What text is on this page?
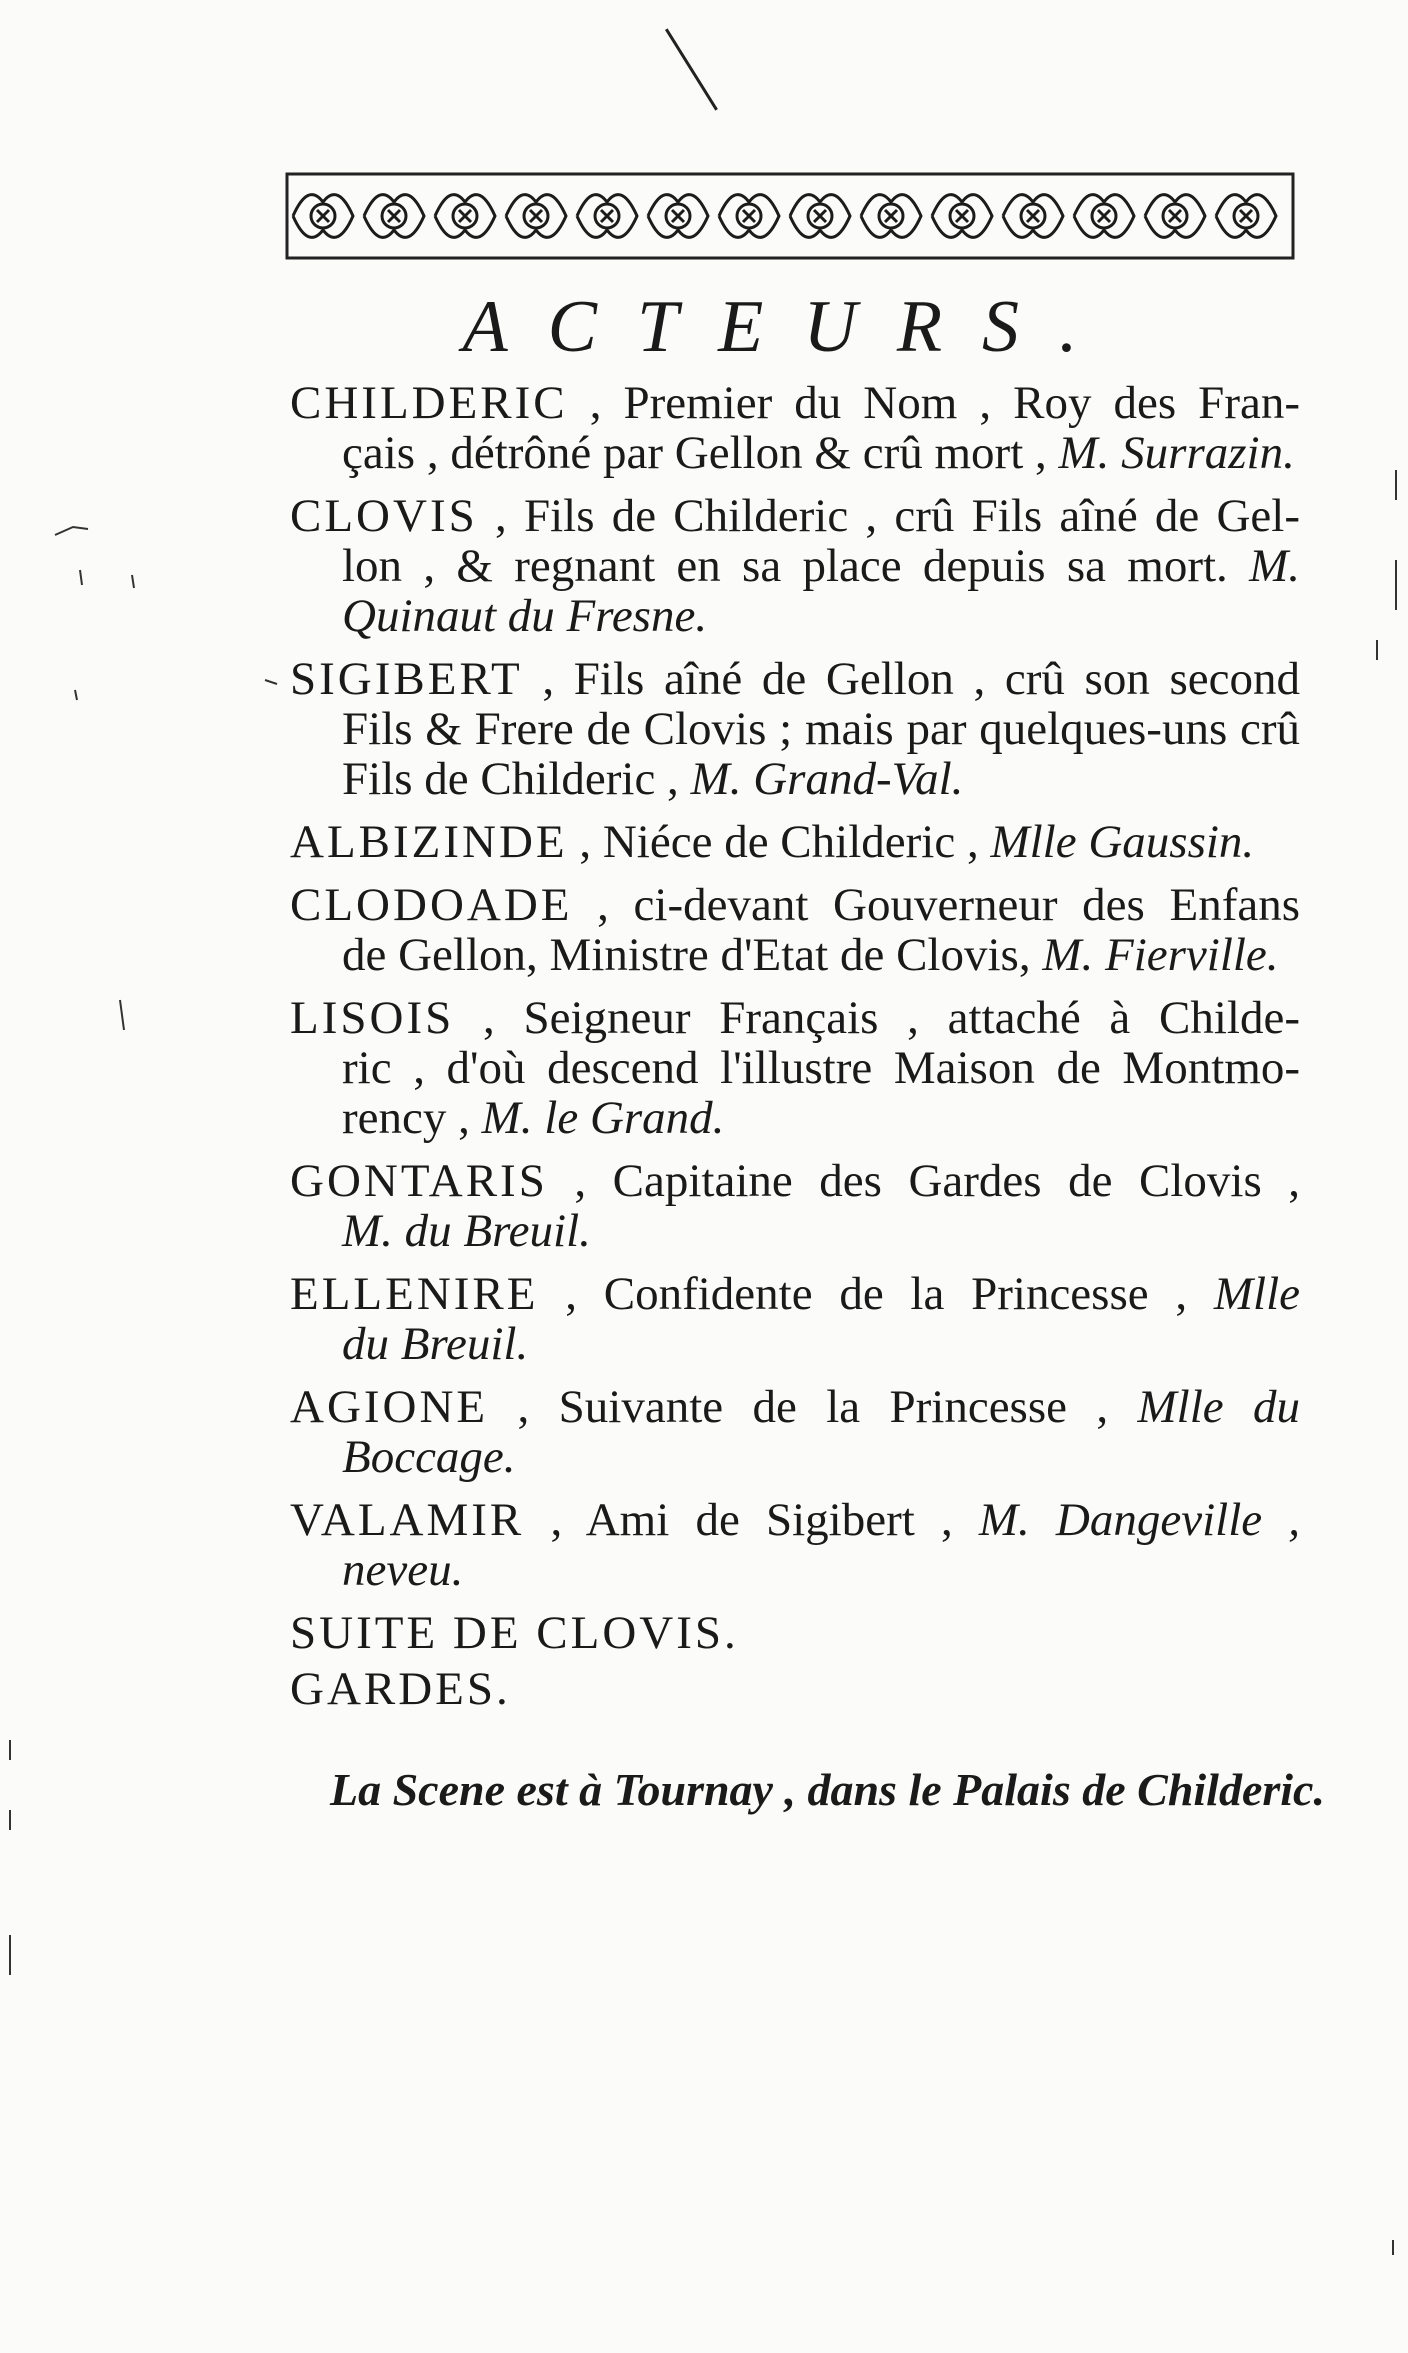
ACTEURS.
CHILDERIC , Premier du Nom , Roy des Fran-
çais , détrôné par Gellon & crû mort , M. Surrazin.
CLOVIS , Fils de Childeric , crû Fils aîné de Gel-
lon , & regnant en sa place depuis sa mort. M.
Quinaut du Fresne.
SIGIBERT , Fils aîné de Gellon , crû son second
Fils & Frere de Clovis ; mais par quelques-uns crû
Fils de Childeric , M. Grand-Val.
ALBIZINDE , Niéce de Childeric , Mlle Gaussin.
CLODOADE , ci-devant Gouverneur des Enfans
de Gellon, Ministre d'Etat de Clovis, M. Fierville.
LISOIS , Seigneur Français , attaché à Childe-
ric , d'où descend l'illustre Maison de Montmo-
rency , M. le Grand.
GONTARIS , Capitaine des Gardes de Clovis ,
M. du Breuil.
ELLENIRE , Confidente de la Princesse , Mlle
du Breuil.
AGIONE , Suivante de la Princesse , Mlle du
Boccage.
VALAMIR , Ami de Sigibert , M. Dangeville ,
neveu.
SUITE DE CLOVIS.
GARDES.
La Scene est à Tournay , dans le Palais de Childeric.
